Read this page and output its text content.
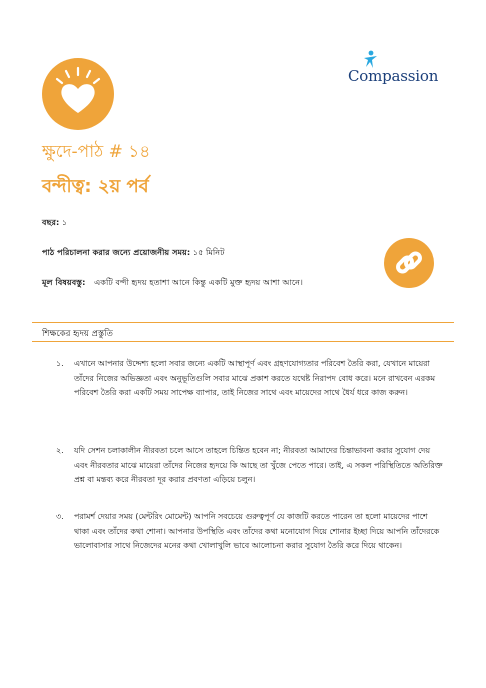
Compassion
ক্ষুদে-পাঠ # ১৪
বন্দীত্ব: ২য় পর্ব
বছর: ১
পাঠ পরিচালনা করার জন্যে প্রয়োজনীয় সময়: ১৫ মিনিট
মূল বিষয়বস্তু: একটি বন্দী হৃদয় হতাশা আনে কিন্তু একটি মুক্ত হৃদয় আশা আনে।
শিক্ষকের হৃদয় প্রস্তুতি
১.	এখানে আপনার উদ্দেশ্য হলো সবার জন্যে একটি আস্থাপূর্ণ এবং গ্রহণযোগ্যতার পরিবেশ তৈরি করা, যেখানে মায়েরা তাঁদের নিজের অভিজ্ঞতা এবং অনুভূতিগুলি সবার মাঝে প্রকাশ করতে যথেষ্ট নিরাপদ বোধ করে। মনে রাখবেন এরকম পরিবেশ তৈরি করা একটি সময় সাপেক্ষ ব্যাপার, তাই নিজের সাথে এবং মায়েদের সাথে ধৈর্য ধরে কাজ করুন।
২.	যদি সেশন চলাকালীন নীরবতা চলে আসে তাহলে চিন্তিত হবেন না; নীরবতা আমাদের চিন্তাভাবনা করার সুযোগ দেয় এবং নীরবতার মাঝে মায়েরা তাঁদের নিজের হৃদয়ে কি আছে তা খুঁজে পেতে পারে। তাই, এ সকল পরিস্থিতিতে অতিরিক্ত প্রশ্ন বা মন্তব্য করে নীরবতা দূর করার প্রবণতা এড়িয়ে চলুন।
৩.	পরামর্শ দেয়ার সময় (মেন্টরিং মোমেন্ট) আপনি সবচেয়ে গুরুত্বপূর্ণ যে কাজটি করতে পারেন তা হলো মায়েদের পাশে থাকা এবং তাঁদের কথা শোনা। আপনার উপস্থিতি এবং তাঁদের কথা মনোযোগ দিয়ে শোনার ইচ্ছা দিয়ে আপনি তাঁদেরকে ভালোবাসার সাথে নিজেদের মনের কথা খোলাখুলি ভাবে আলোচনা করার সুযোগ তৈরি করে দিয়ে থাকেন।
